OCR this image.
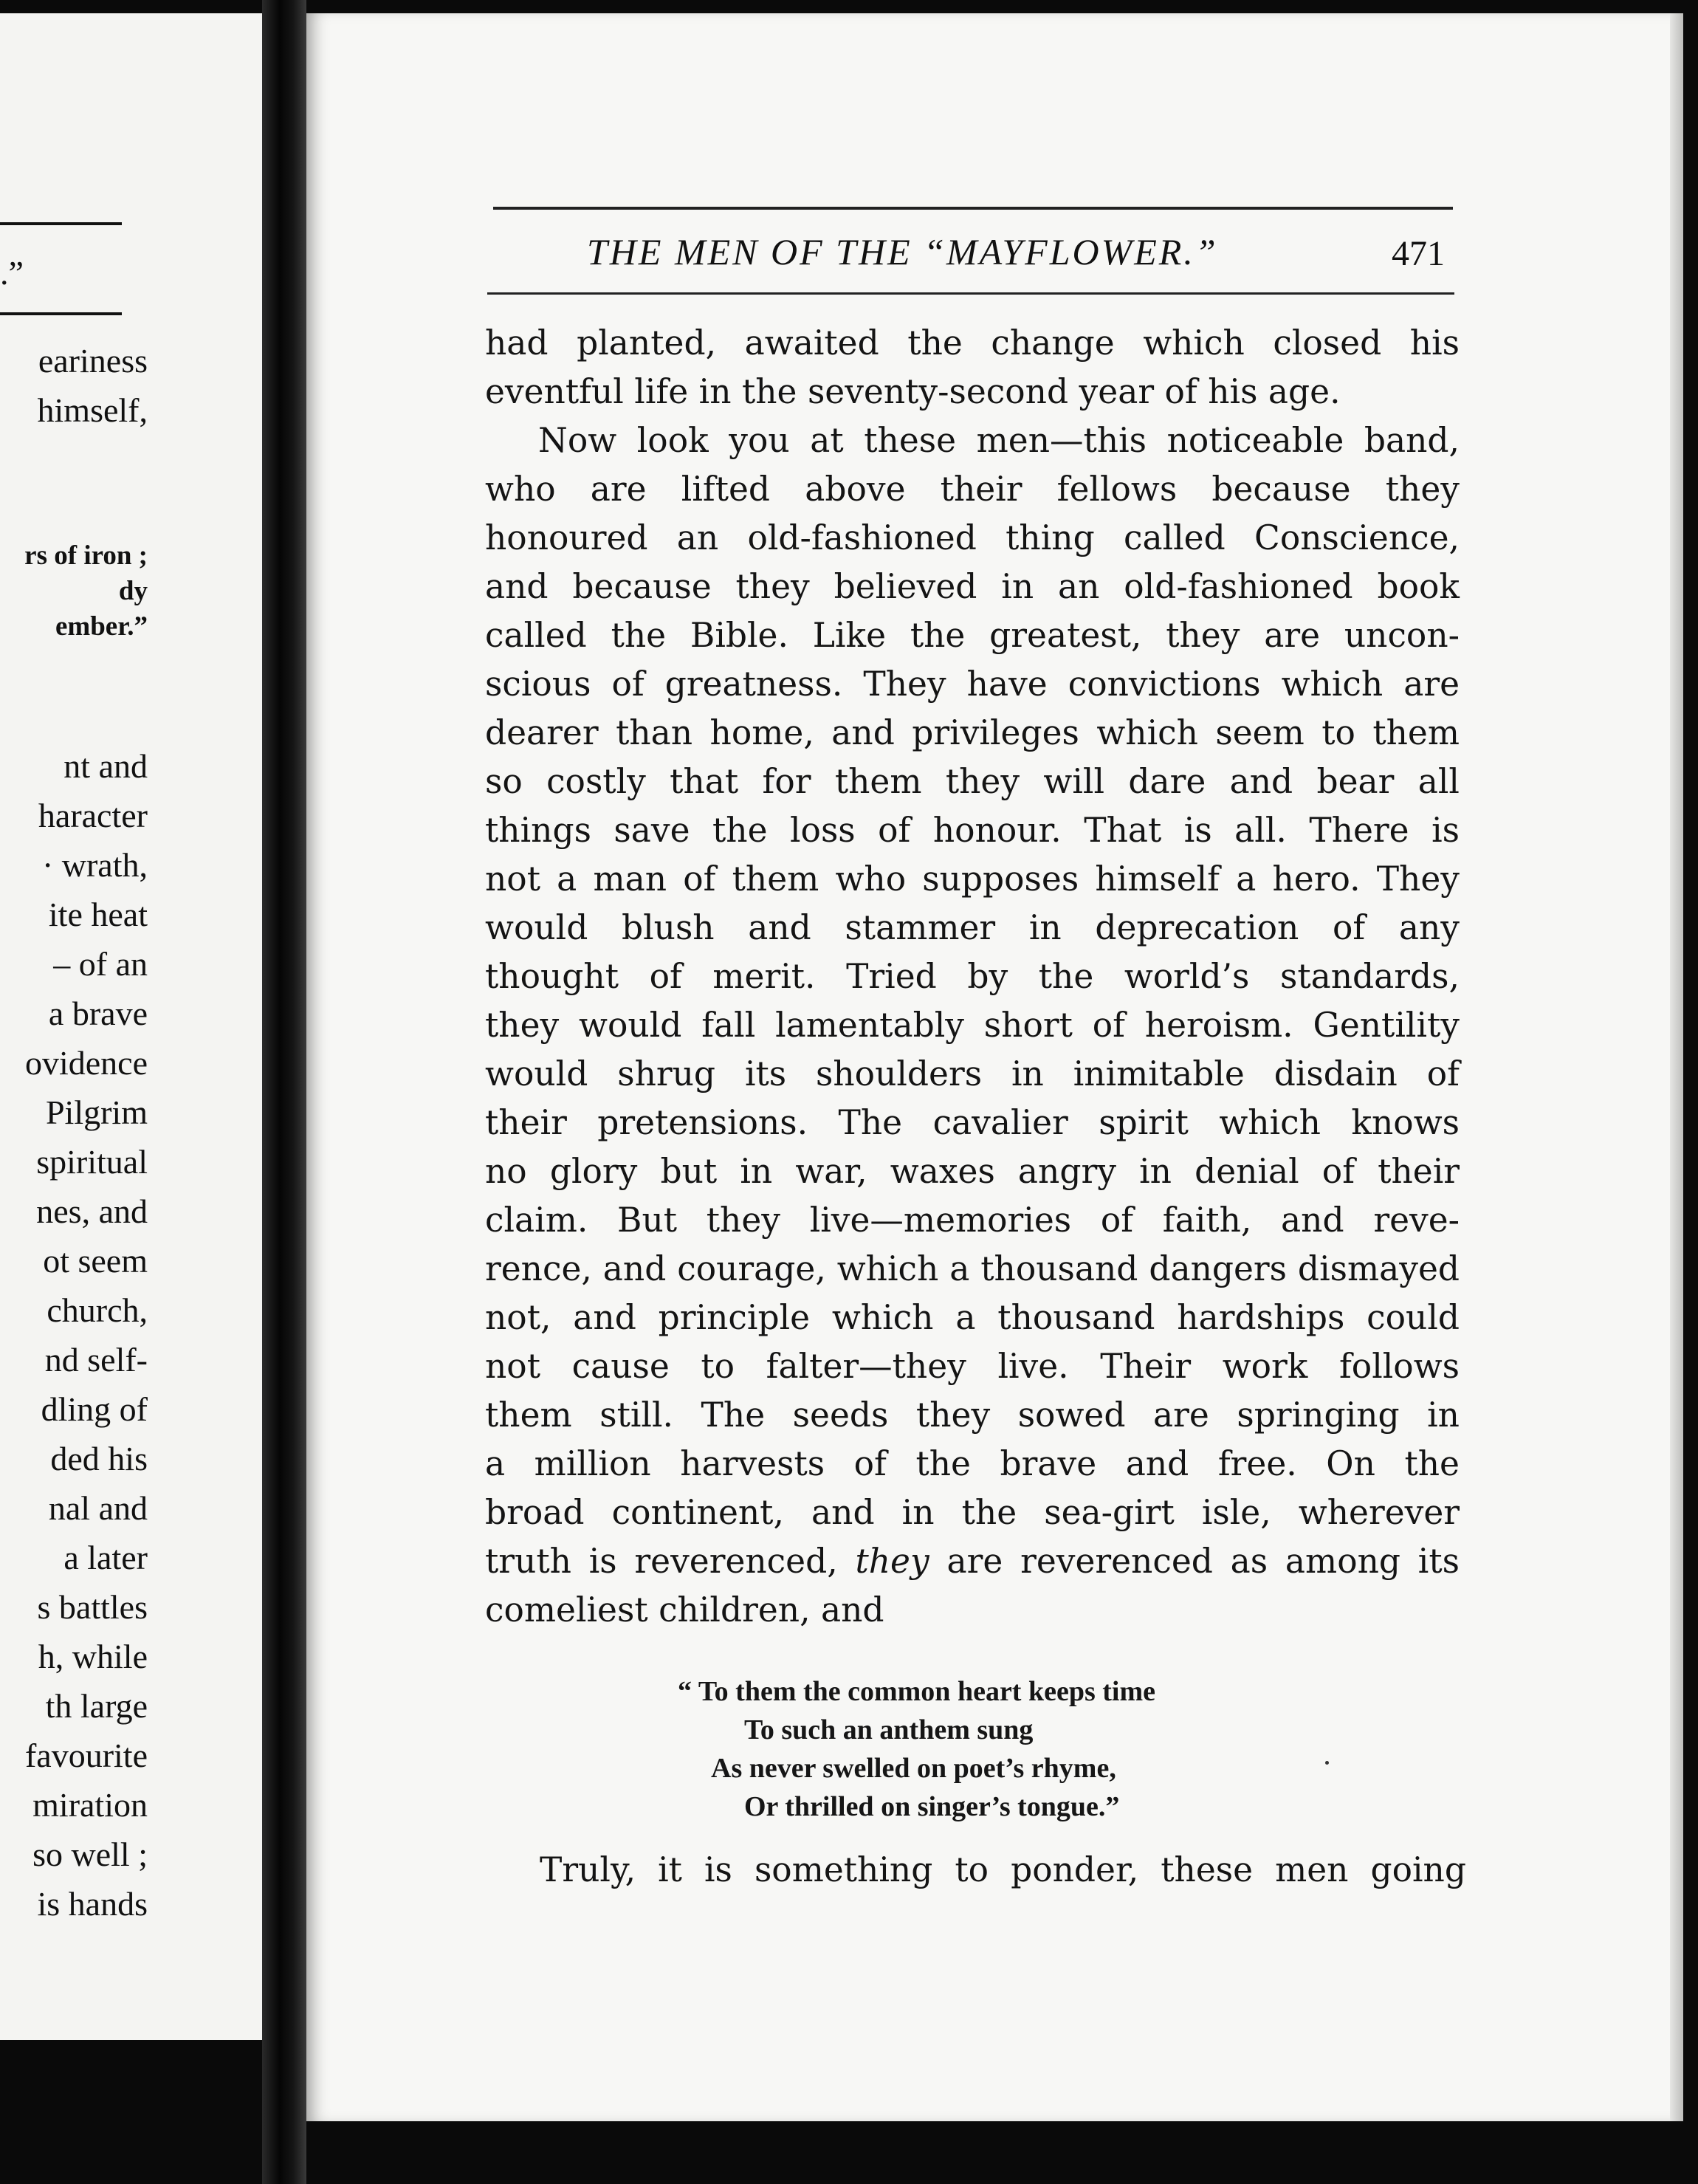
.”
eariness
himself,
rs of iron ;
dy
ember.”
nt and
haracter
· wrath,
ite heat
– of an
a brave
ovidence
Pilgrim
spiritual
nes, and
ot seem
church,
nd self-
dling of
ded his
nal and
a later
s battles
h, while
th large
favourite
miration
so well ;
is hands
THE MEN OF THE “MAYFLOWER.”	471
had planted, awaited the change which closed his
eventful life in the seventy-second year of his age.
Now look you at these men—this noticeable band,
who are lifted above their fellows because they
honoured an old-fashioned thing called Conscience,
and because they believed in an old-fashioned book
called the Bible. Like the greatest, they are uncon-
scious of greatness. They have convictions which are
dearer than home, and privileges which seem to them
so costly that for them they will dare and bear all
things save the loss of honour. That is all. There is
not a man of them who supposes himself a hero. They
would blush and stammer in deprecation of any
thought of merit. Tried by the world’s standards,
they would fall lamentably short of heroism. Gentility
would shrug its shoulders in inimitable disdain of
their pretensions. The cavalier spirit which knows
no glory but in war, waxes angry in denial of their
claim. But they live—memories of faith, and reve-
rence, and courage, which a thousand dangers dismayed
not, and principle which a thousand hardships could
not cause to falter—they live. Their work follows
them still. The seeds they sowed are springing in
a million harvests of the brave and free. On the
broad continent, and in the sea-girt isle, wherever
truth is reverenced, they are reverenced as among its
comeliest children, and
“ To them the common heart keeps time
To such an anthem sung
As never swelled on poet’s rhyme,
Or thrilled on singer’s tongue.”
Truly, it is something to ponder, these men going
